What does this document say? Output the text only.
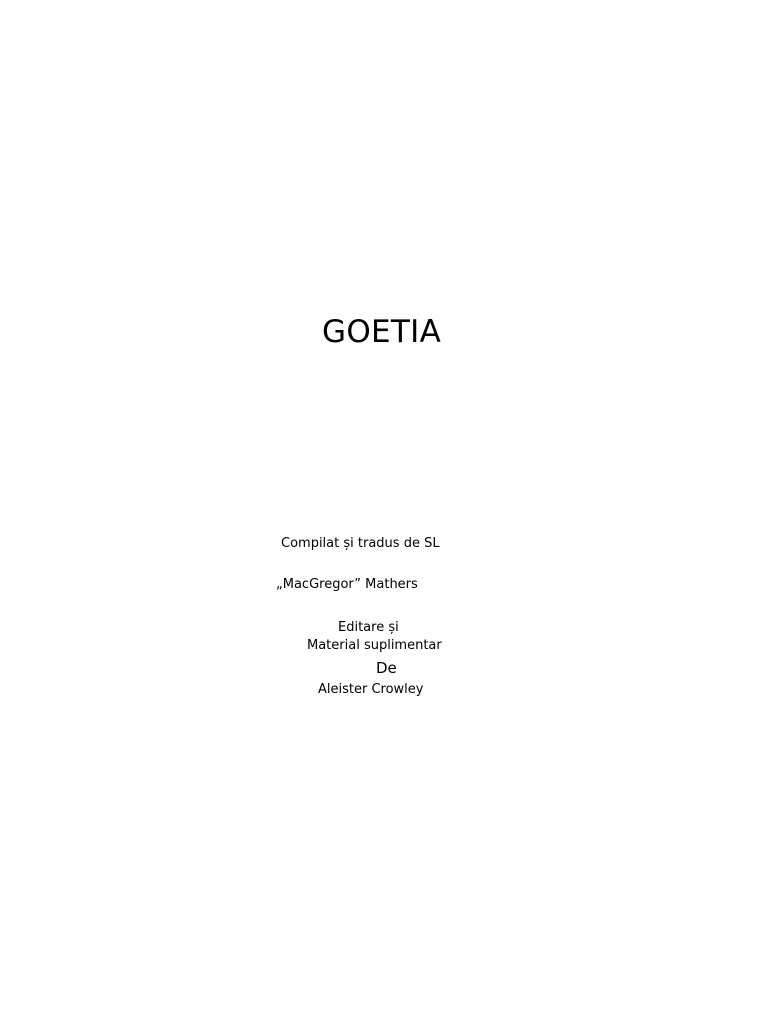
GOETIA
Compilat și tradus de SL
„MacGregor” Mathers
Editare și
Material suplimentar
De
Aleister Crowley
